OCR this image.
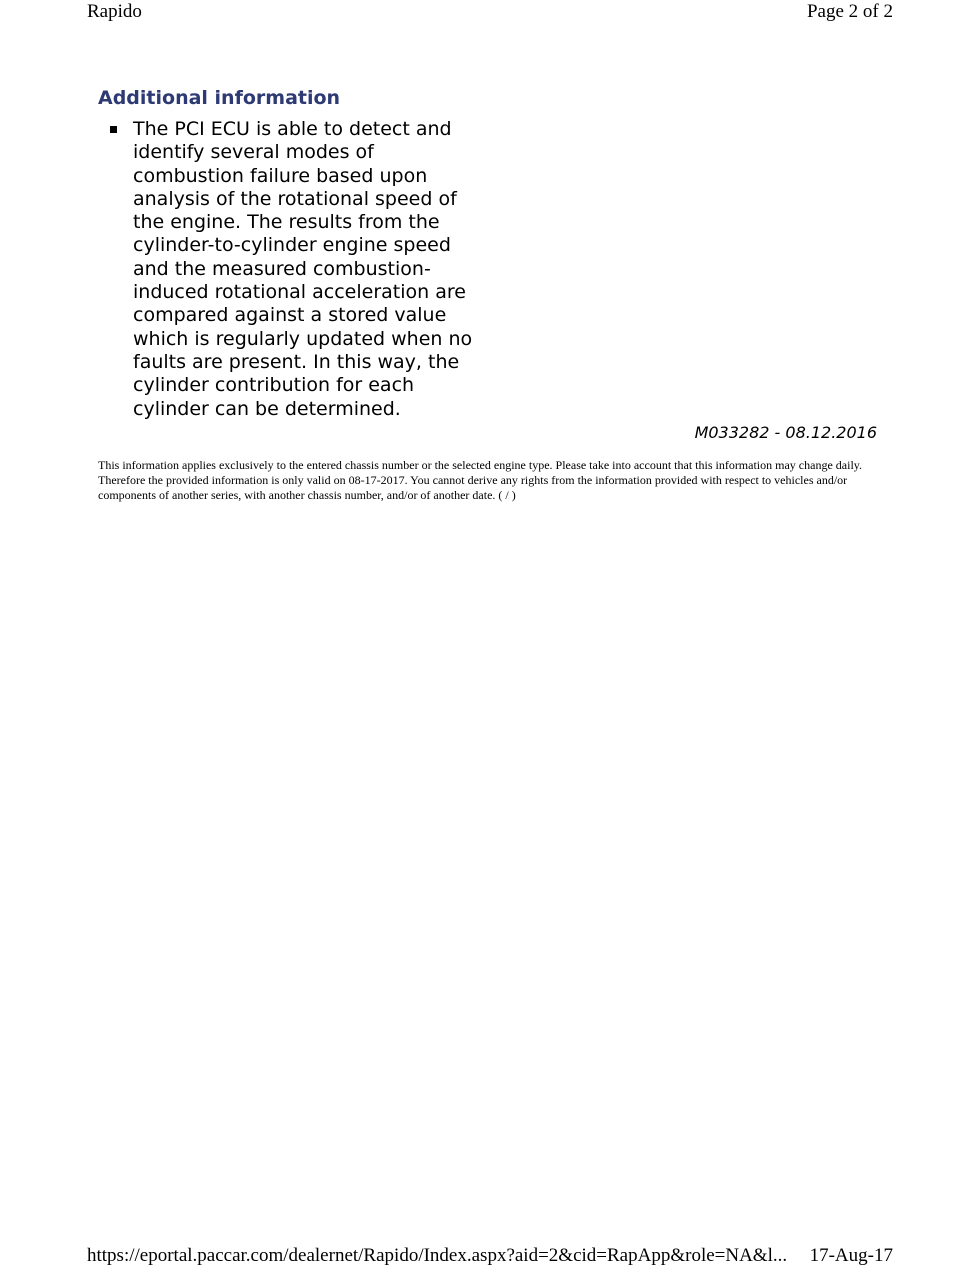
Rapido	Page 2 of 2
Additional information
The PCI ECU is able to detect and identify several modes of combustion failure based upon analysis of the rotational speed of the engine. The results from the cylinder-to-cylinder engine speed and the measured combustion-induced rotational acceleration are compared against a stored value which is regularly updated when no faults are present. In this way, the cylinder contribution for each cylinder can be determined.
M033282 - 08.12.2016
This information applies exclusively to the entered chassis number or the selected engine type. Please take into account that this information may change daily. Therefore the provided information is only valid on 08-17-2017. You cannot derive any rights from the information provided with respect to vehicles and/or components of another series, with another chassis number, and/or of another date. ( / )
https://eportal.paccar.com/dealernet/Rapido/Index.aspx?aid=2&cid=RapApp&role=NA&l... 17-Aug-17
